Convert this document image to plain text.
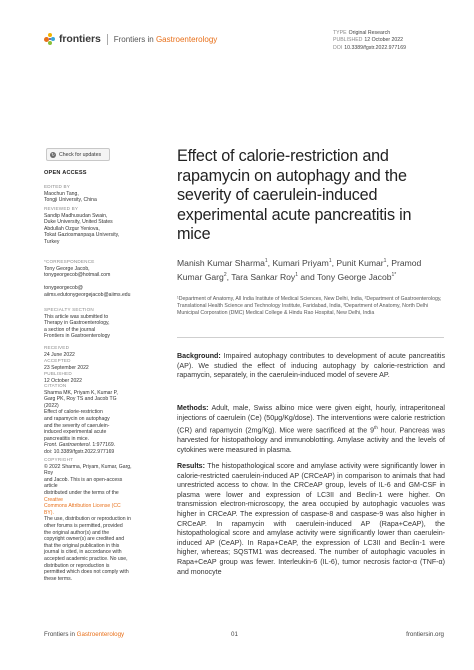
frontiers Frontiers in Gastroenterology
TYPE Original Research
PUBLISHED 12 October 2022
DOI 10.3389/fgstr.2022.977169
↻ Check for updates
OPEN ACCESS
EDITED BY
Maochun Tang,
Tongji University, China
REVIEWED BY
Sandip Madhusudan Swain,
Duke University, United States
Abdullah Ozgur Yeniova,
Tokat Gaziosmanpaşa University,
Turkey
*CORRESPONDENCE
Tony George Jacob,
tonygeorgecob@hotmail.com
tonygeorgecob@
aiims.edutonygeorgejacob@aiims.edu
SPECIALTY SECTION
This article was submitted to
Therapy in Gastroenterology,
a section of the journal
Frontiers in Gastroenterology
RECEIVED
24 June 2022
ACCEPTED
23 September 2022
PUBLISHED
12 October 2022
CITATION
Sharma MK, Priyam K, Kumar P,
Garg PK, Roy TS and Jacob TG (2022)
Effect of calorie-restriction
and rapamycin on autophagy
and the severity of caerulein-
induced experimental acute
pancreatitis in mice.
Front. Gastroenterol. 1:977169.
doi: 10.3389/fgstr.2022.977169
COPYRIGHT
© 2022 Sharma, Priyam, Kumar, Garg, Roy
and Jacob. This is an open-access article
distributed under the terms of the Creative
Commons Attribution License (CC BY).
The use, distribution or reproduction in
other forums is permitted, provided
the original author(s) and the
copyright owner(s) are credited and
that the original publication in this
journal is cited, in accordance with
accepted academic practice. No use,
distribution or reproduction is
permitted which does not comply with
these terms.
Effect of calorie-restriction and rapamycin on autophagy and the severity of caerulein-induced experimental acute pancreatitis in mice
Manish Kumar Sharma$^1$, Kumari Priyam$^1$, Punit Kumar$^1$, Pramod Kumar Garg$^2$, Tara Sankar Roy$^1$ and Tony George Jacob$^{1*}$
¹Department of Anatomy, All India Institute of Medical Sciences, New Delhi, India, ²Department of Gastroenterology, Translational Health Science and Technology Institute, Faridabad, India, ³Department of Anatomy, North Delhi Municipal Corporation (DMC) Medical College & Hindu Rao Hospital, New Delhi, India
Background: Impaired autophagy contributes to development of acute pancreatitis (AP). We studied the effect of inducing autophagy by calorie-restriction and rapamycin, separately, in the caerulein-induced model of severe AP.
Methods: Adult, male, Swiss albino mice were given eight, hourly, intraperitoneal injections of caerulein (Ce) (50μg/Kg/dose). The interventions were calorie restriction (CR) and rapamycin (2mg/Kg). Mice were sacrificed at the 9th hour. Pancreas was harvested for histopathology and immunoblotting. Amylase activity and the levels of cytokines were measured in plasma.
Results: The histopathological score and amylase activity were significantly lower in calorie-restricted caerulein-induced AP (CRCeAP) in comparison to animals that had unrestricted access to chow. In the CRCeAP group, levels of IL-6 and GM-CSF in plasma were lower and expression of LC3II and Beclin-1 were higher. On transmission electron-microscopy, the area occupied by autophagic vacuoles was higher in CRCeAP. The expression of caspase-8 and caspase-9 was also higher in CRCeAP. In rapamycin with caerulein-induced AP (Rapa+CeAP), the histopathological score and amylase activity were significantly lower than caerulein-induced AP (CeAP). In Rapa+CeAP, the expression of LC3II and Beclin-1 were higher, whereas; SQSTM1 was decreased. The number of autophagic vacuoles in Rapa+CeAP group was fewer. Interleukin-6 (IL-6), tumor necrosis factor-α (TNF-α) and monocyte
Frontiers in Gastroenterology	01	frontiersin.org
